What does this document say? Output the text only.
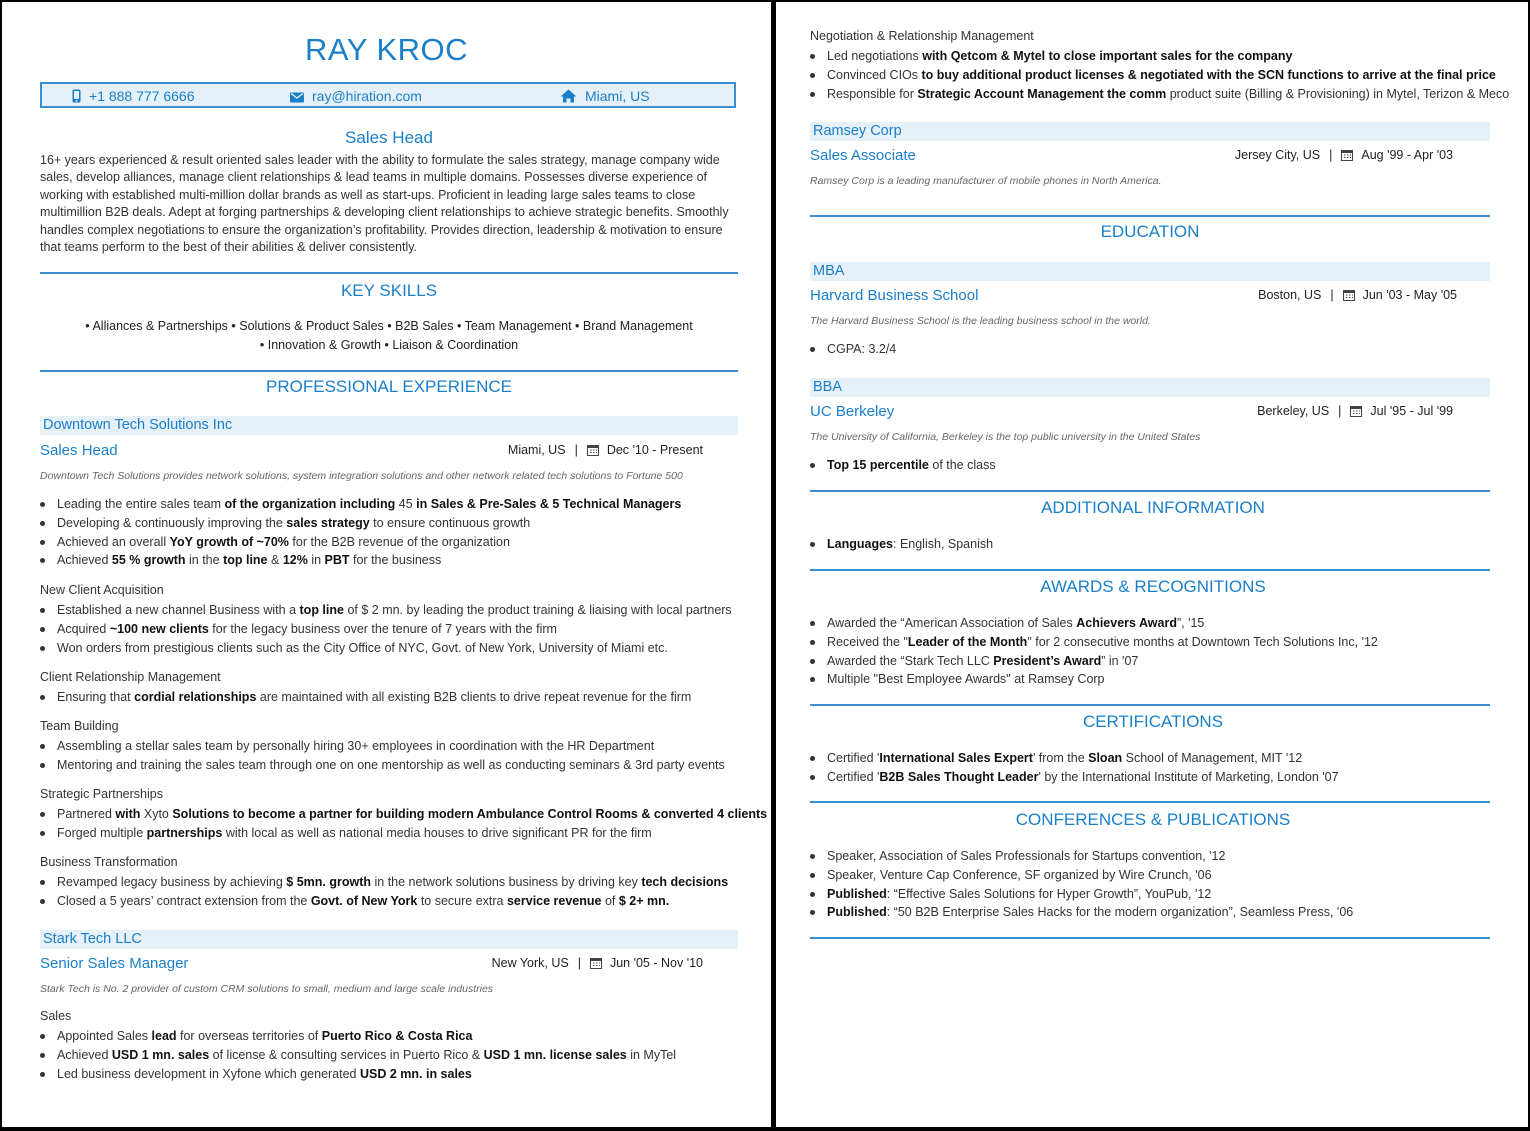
RAY KROC
+1 888 777 6666	ray@hiration.com	Miami, US
Sales Head
16+ years experienced & result oriented sales leader with the ability to formulate the sales strategy, manage company wide sales, develop alliances, manage client relationships & lead teams in multiple domains. Possesses diverse experience of working with established multi-million dollar brands as well as start-ups. Proficient in leading large sales teams to close multimillion B2B deals. Adept at forging partnerships & developing client relationships to achieve strategic benefits. Smoothly handles complex negotiations to ensure the organization’s profitability. Provides direction, leadership & motivation to ensure that teams perform to the best of their abilities & deliver consistently.
KEY SKILLS
• Alliances & Partnerships • Solutions & Product Sales • B2B Sales • Team Management • Brand Management
• Innovation & Growth • Liaison & Coordination
PROFESSIONAL EXPERIENCE
Downtown Tech Solutions Inc
Sales Head	Miami, US | Dec '10 - Present
Downtown Tech Solutions provides network solutions, system integration solutions and other network related tech solutions to Fortune 500
Leading the entire sales team of the organization including 45 in Sales & Pre-Sales & 5 Technical Managers
Developing & continuously improving the sales strategy to ensure continuous growth
Achieved an overall YoY growth of ~70% for the B2B revenue of the organization
Achieved 55 % growth in the top line & 12% in PBT for the business
New Client Acquisition
Established a new channel Business with a top line of $ 2 mn. by leading the product training & liaising with local partners
Acquired ~100 new clients for the legacy business over the tenure of 7 years with the firm
Won orders from prestigious clients such as the City Office of NYC, Govt. of New York, University of Miami etc.
Client Relationship Management
Ensuring that cordial relationships are maintained with all existing B2B clients to drive repeat revenue for the firm
Team Building
Assembling a stellar sales team by personally hiring 30+ employees in coordination with the HR Department
Mentoring and training the sales team through one on one mentorship as well as conducting seminars & 3rd party events
Strategic Partnerships
Partnered with Xyto Solutions to become a partner for building modern Ambulance Control Rooms & converted 4 clients
Forged multiple partnerships with local as well as national media houses to drive significant PR for the firm
Business Transformation
Revamped legacy business by achieving $ 5mn. growth in the network solutions business by driving key tech decisions
Closed a 5 years’ contract extension from the Govt. of New York to secure extra service revenue of $ 2+ mn.
Stark Tech LLC
Senior Sales Manager	New York, US | Jun '05 - Nov '10
Stark Tech is No. 2 provider of custom CRM solutions to small, medium and large scale industries
Sales
Appointed Sales lead for overseas territories of Puerto Rico & Costa Rica
Achieved USD 1 mn. sales of license & consulting services in Puerto Rico & USD 1 mn. license sales in MyTel
Led business development in Xyfone which generated USD 2 mn. in sales
Negotiation & Relationship Management
Led negotiations with Qetcom & Mytel to close important sales for the company
Convinced CIOs to buy additional product licenses & negotiated with the SCN functions to arrive at the final price
Responsible for Strategic Account Management the comm product suite (Billing & Provisioning) in Mytel, Terizon & Meco
Ramsey Corp
Sales Associate	Jersey City, US | Aug '99 - Apr '03
Ramsey Corp is a leading manufacturer of mobile phones in North America.
EDUCATION
MBA
Harvard Business School	Boston, US | Jun '03 - May '05
The Harvard Business School is the leading business school in the world.
CGPA: 3.2/4
BBA
UC Berkeley	Berkeley, US | Jul '95 - Jul '99
The University of California, Berkeley is the top public university in the United States
Top 15 percentile of the class
ADDITIONAL INFORMATION
Languages: English, Spanish
AWARDS & RECOGNITIONS
Awarded the “American Association of Sales Achievers Award”, '15
Received the "Leader of the Month" for 2 consecutive months at Downtown Tech Solutions Inc, '12
Awarded the “Stark Tech LLC President’s Award” in '07
Multiple "Best Employee Awards" at Ramsey Corp
CERTIFICATIONS
Certified 'International Sales Expert' from the Sloan School of Management, MIT '12
Certified 'B2B Sales Thought Leader' by the International Institute of Marketing, London '07
CONFERENCES & PUBLICATIONS
Speaker, Association of Sales Professionals for Startups convention, '12
Speaker, Venture Cap Conference, SF organized by Wire Crunch, '06
Published: “Effective Sales Solutions for Hyper Growth”, YouPub, '12
Published: “50 B2B Enterprise Sales Hacks for the modern organization”, Seamless Press, '06
